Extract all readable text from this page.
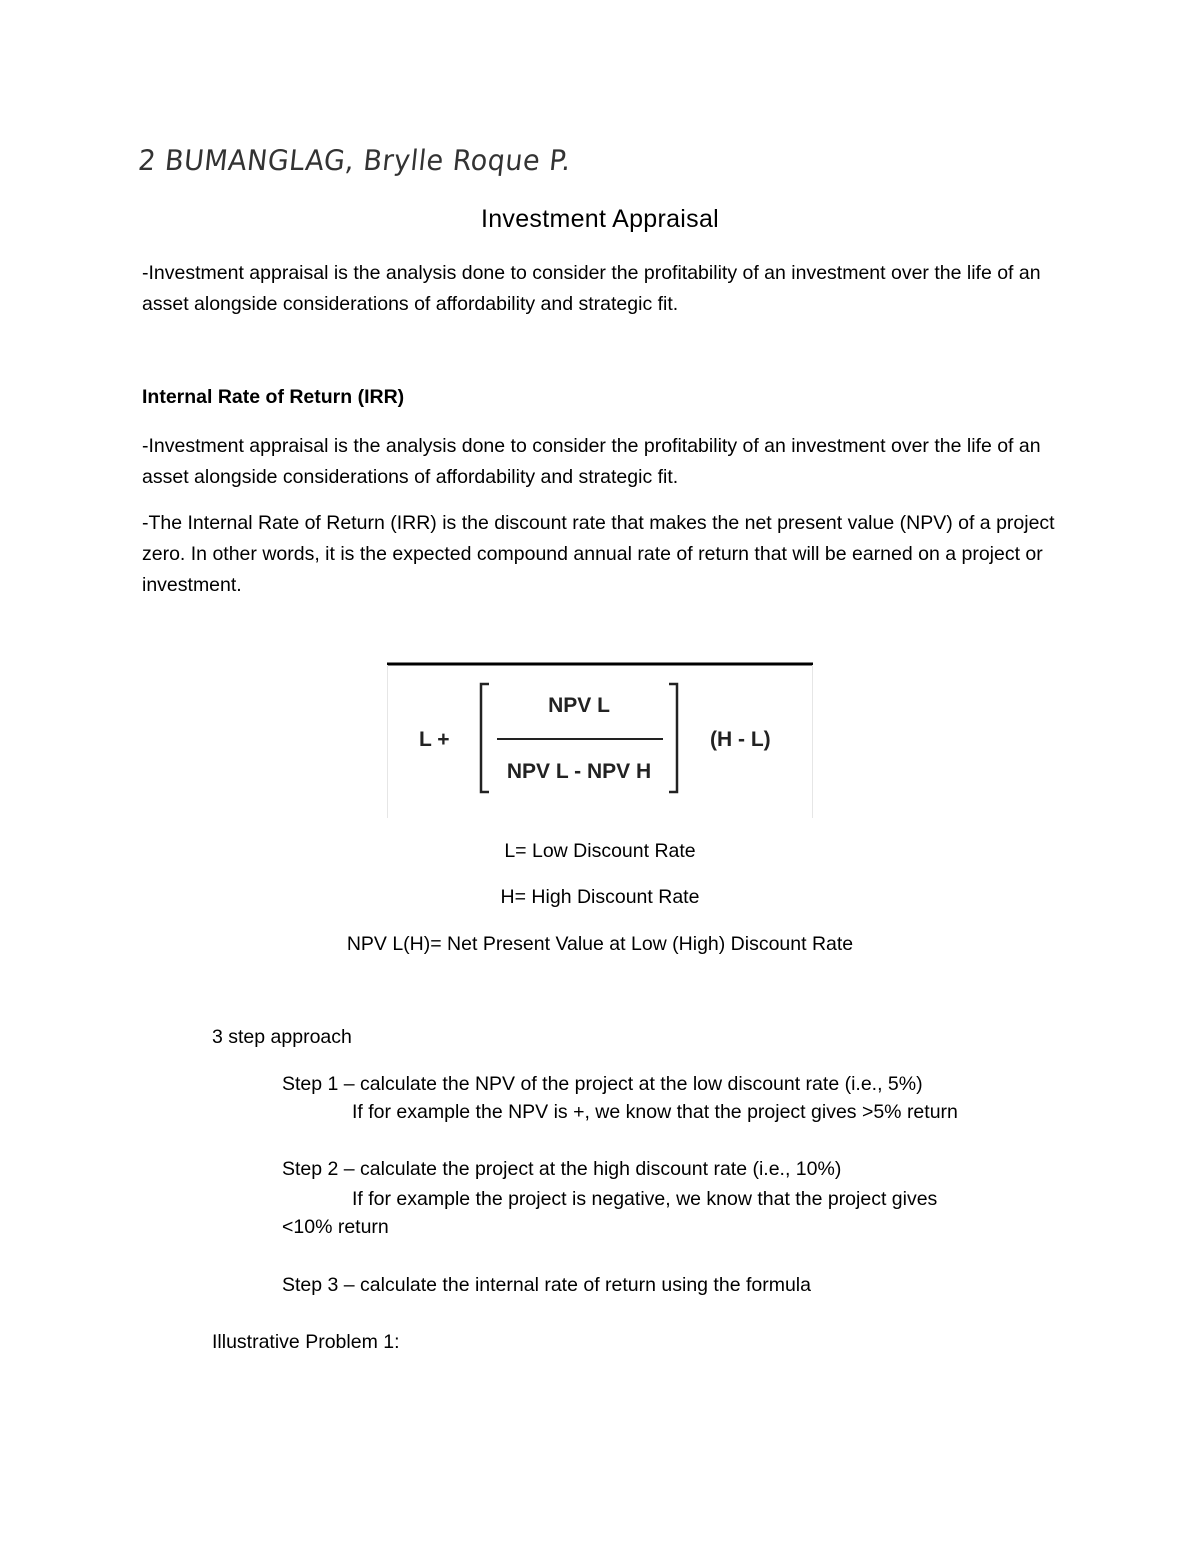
2 BUMANGLAG, Brylle Roque P.
Investment Appraisal
-Investment appraisal is the analysis done to consider the profitability of an investment over the life of an asset alongside considerations of affordability and strategic fit.
Internal Rate of Return (IRR)
-Investment appraisal is the analysis done to consider the profitability of an investment over the life of an asset alongside considerations of affordability and strategic fit.
-The Internal Rate of Return (IRR) is the discount rate that makes the net present value (NPV) of a project zero. In other words, it is the expected compound annual rate of return that will be earned on a project or investment.
L +
NPV L
NPV L - NPV H
(H - L)
L= Low Discount Rate
H= High Discount Rate
NPV L(H)= Net Present Value at Low (High) Discount Rate
3 step approach
Step 1 – calculate the NPV of the project at the low discount rate (i.e., 5%)
If for example the NPV is +, we know that the project gives >5% return
Step 2 – calculate the project at the high discount rate (i.e., 10%)
If for example the project is negative, we know that the project gives
<10% return
Step 3 – calculate the internal rate of return using the formula
Illustrative Problem 1:
